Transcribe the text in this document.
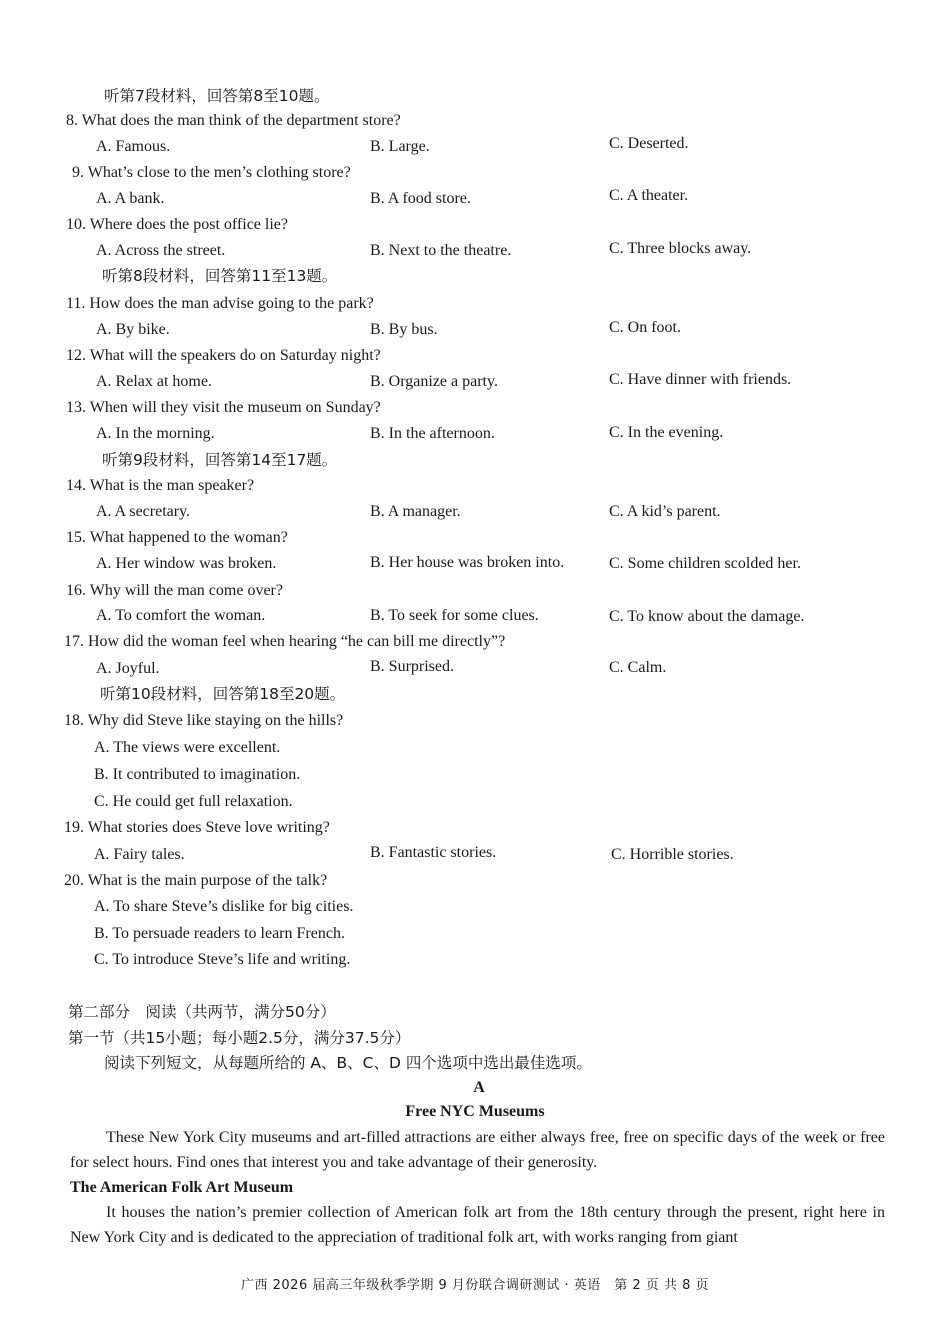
听第7段材料，回答第8至10题。
8. What does the man think of the department store?
A. Famous.	B. Large.	C. Deserted.
9. What’s close to the men’s clothing store?
A. A bank.	B. A food store.	C. A theater.
10. Where does the post office lie?
A. Across the street.	B. Next to the theatre.	C. Three blocks away.
听第8段材料，回答第11至13题。
11. How does the man advise going to the park?
A. By bike.	B. By bus.	C. On foot.
12. What will the speakers do on Saturday night?
A. Relax at home.	B. Organize a party.	C. Have dinner with friends.
13. When will they visit the museum on Sunday?
A. In the morning.	B. In the afternoon.	C. In the evening.
听第9段材料，回答第14至17题。
14. What is the man speaker?
A. A secretary.	B. A manager.	C. A kid’s parent.
15. What happened to the woman?
A. Her window was broken.	B. Her house was broken into.	C. Some children scolded her.
16. Why will the man come over?
A. To comfort the woman.	B. To seek for some clues.	C. To know about the damage.
17. How did the woman feel when hearing “he can bill me directly”?
A. Joyful.	B. Surprised.	C. Calm.
听第10段材料，回答第18至20题。
18. Why did Steve like staying on the hills?
A. The views were excellent.
B. It contributed to imagination.
C. He could get full relaxation.
19. What stories does Steve love writing?
A. Fairy tales.	B. Fantastic stories.	C. Horrible stories.
20. What is the main purpose of the talk?
A. To share Steve’s dislike for big cities.
B. To persuade readers to learn French.
C. To introduce Steve’s life and writing.
第二部分　阅读（共两节，满分50分）
第一节（共15小题；每小题2.5分，满分37.5分）
阅读下列短文，从每题所给的 A、B、C、D 四个选项中选出最佳选项。
A
Free NYC Museums
These New York City museums and art-filled attractions are either always free, free on specific days of the week or free for select hours. Find ones that interest you and take advantage of their generosity.
The American Folk Art Museum
It houses the nation’s premier collection of American folk art from the 18th century through the present, right here in New York City and is dedicated to the appreciation of traditional folk art, with works ranging from giant
广西 2026 届高三年级秋季学期 9 月份联合调研测试 · 英语　第 2 页 共 8 页
